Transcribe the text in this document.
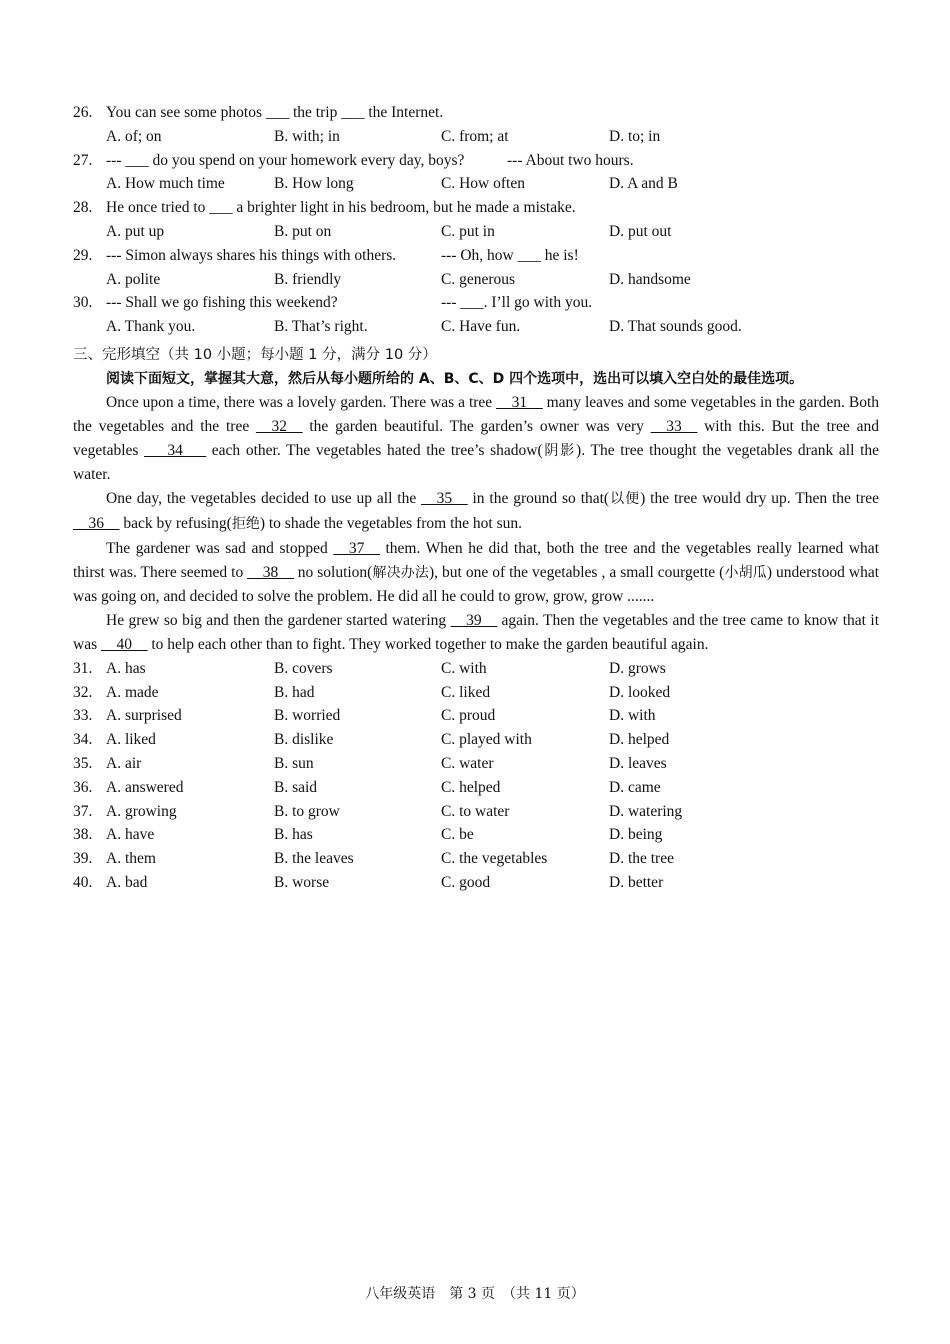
26. You can see some photos ___ the trip ___ the Internet.
A. of; on	B. with; in	C. from; at	D. to; in
27. --- ___ do you spend on your homework every day, boys?	--- About two hours.
A. How much time	B. How long	C. How often	D. A and B
28. He once tried to ___ a brighter light in his bedroom, but he made a mistake.
A. put up	B. put on	C. put in	D. put out
29. --- Simon always shares his things with others.	--- Oh, how ___ he is!
A. polite	B. friendly	C. generous	D. handsome
30. --- Shall we go fishing this weekend?	--- ___. I’ll go with you.
A. Thank you.	B. That’s right.	C. Have fun.	D. That sounds good.
三、完形填空（共 10 小题；每小题 1 分，满分 10 分）
阅读下面短文，掌握其大意，然后从每小题所给的 A、B、C、D 四个选项中，选出可以填入空白处的最佳选项。
Once upon a time, there was a lovely garden. There was a tree __31__ many leaves and some vegetables in the garden. Both the vegetables and the tree __32__ the garden beautiful. The garden’s owner was very __33__ with this. But the tree and vegetables ___34___ each other. The vegetables hated the tree’s shadow(阴影). The tree thought the vegetables drank all the water.
One day, the vegetables decided to use up all the __35__ in the ground so that(以便) the tree would dry up. Then the tree __36__ back by refusing(拒绝) to shade the vegetables from the hot sun.
The gardener was sad and stopped __37__ them. When he did that, both the tree and the vegetables really learned what thirst was. There seemed to __38__ no solution(解决办法), but one of the vegetables , a small courgette (小胡瓜) understood what was going on, and decided to solve the problem. He did all he could to grow, grow, grow .......
He grew so big and then the gardener started watering __39__ again. Then the vegetables and the tree came to know that it was __40__ to help each other than to fight. They worked together to make the garden beautiful again.
31. A. has	B. covers	C. with	D. grows
32. A. made	B. had	C. liked	D. looked
33. A. surprised	B. worried	C. proud	D. with
34. A. liked	B. dislike	C. played with	D. helped
35. A. air	B. sun	C. water	D. leaves
36. A. answered	B. said	C. helped	D. came
37. A. growing	B. to grow	C. to water	D. watering
38. A. have	B. has	C. be	D. being
39. A. them	B. the leaves	C. the vegetables	D. the tree
40. A. bad	B. worse	C. good	D. better
八年级英语　第 3 页　（共 11 页）
